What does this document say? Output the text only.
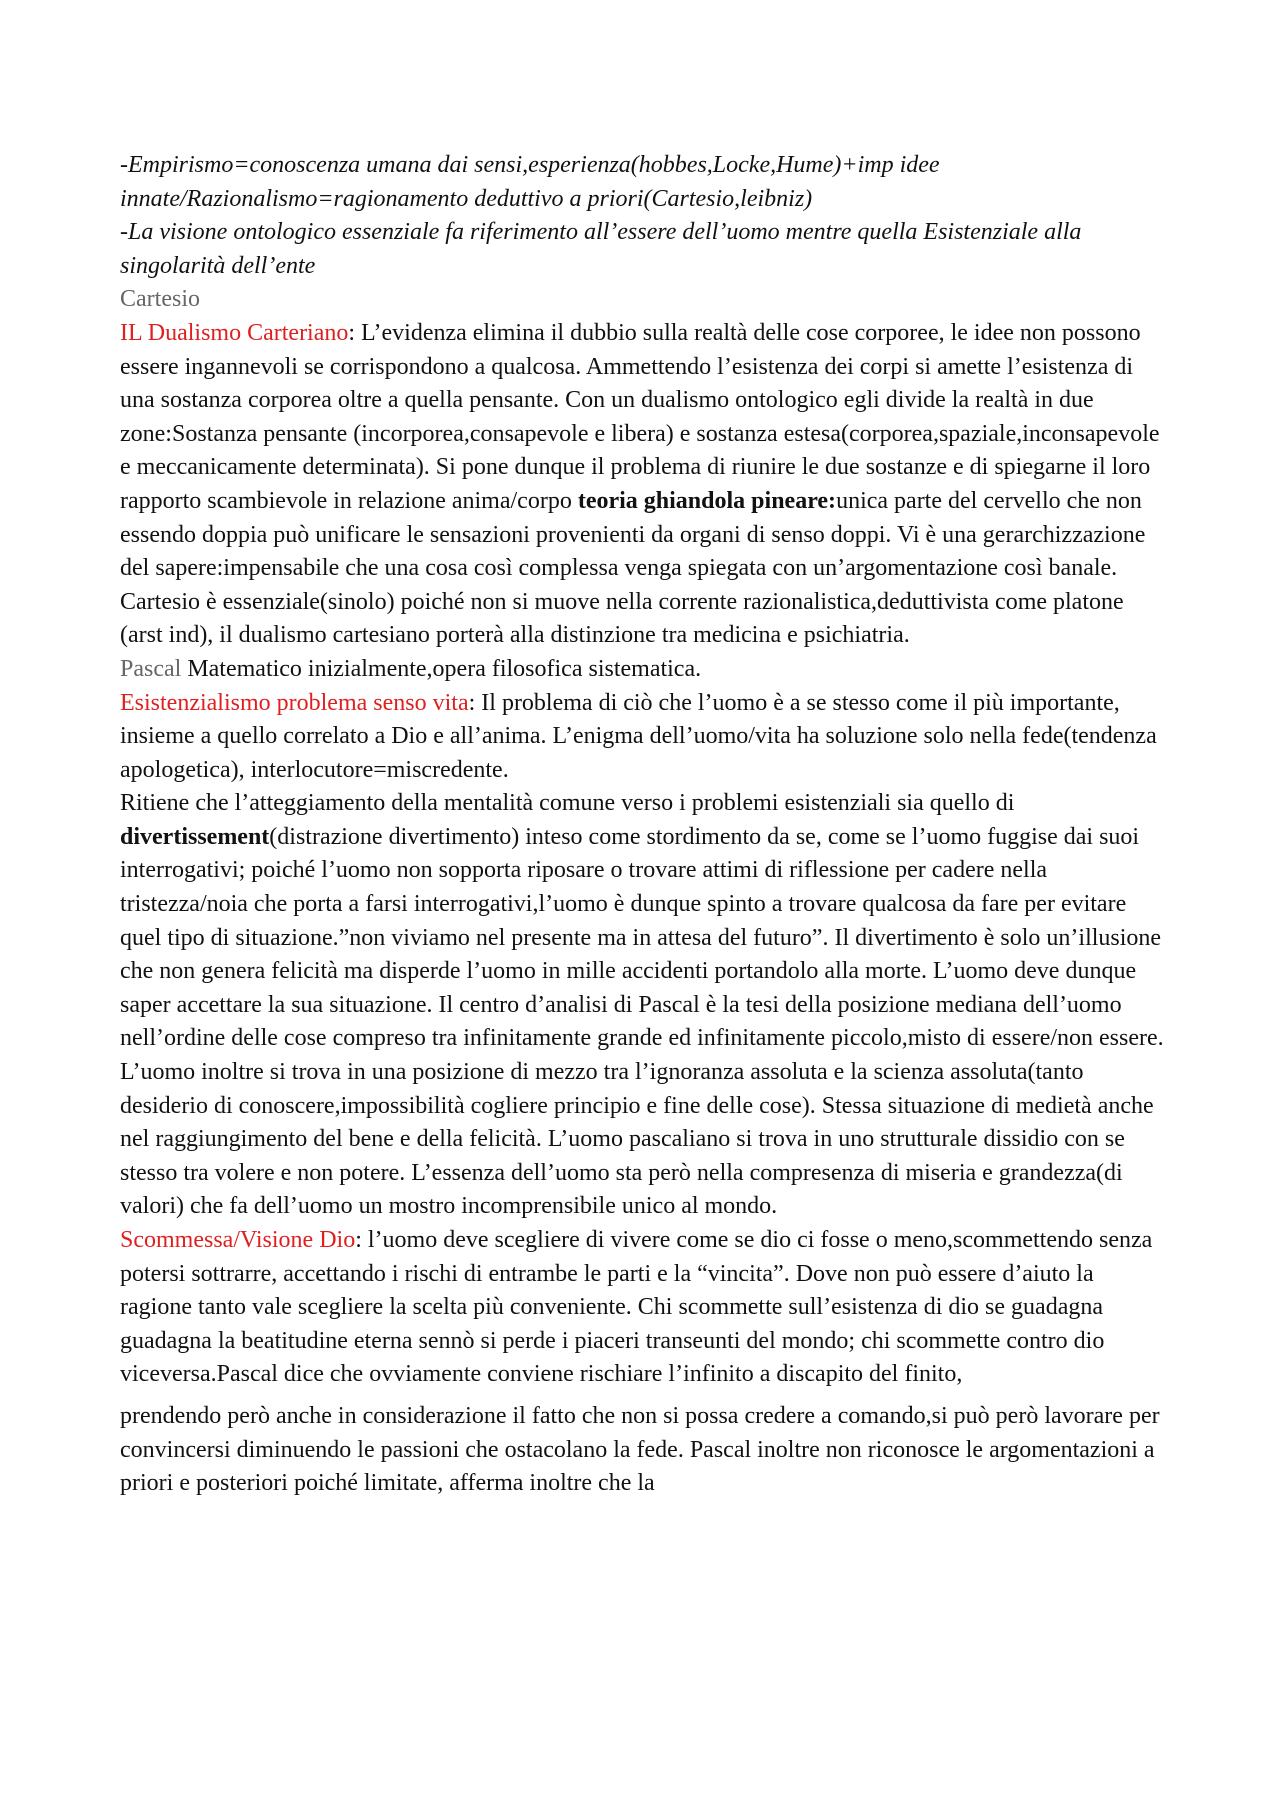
-Empirismo=conoscenza umana dai sensi,esperienza(hobbes,Locke,Hume)+imp idee innate/Razionalismo=ragionamento deduttivo a priori(Cartesio,leibniz)

-La visione ontologico essenziale fa riferimento all’essere dell’uomo mentre quella Esistenziale alla singolarità dell’ente

Cartesio

IL Dualismo Carteriano: L’evidenza elimina il dubbio sulla realtà delle cose corporee, le idee non possono essere ingannevoli se corrispondono a qualcosa. Ammettendo l’esistenza dei corpi si amette l’esistenza di una sostanza corporea oltre a quella pensante. Con un dualismo ontologico egli divide la realtà in due zone:Sostanza pensante (incorporea,consapevole e libera) e sostanza estesa(corporea,spaziale,inconsapevole e meccanicamente determinata). Si pone dunque il problema di riunire le due sostanze e di spiegarne il loro rapporto scambievole in relazione anima/corpo teoria ghiandola pineare:unica parte del cervello che non essendo doppia può unificare le sensazioni provenienti da organi di senso doppi. Vi è una gerarchizzazione del sapere:impensabile che una cosa così complessa venga spiegata con un’argomentazione così banale. Cartesio è essenziale(sinolo) poiché non si muove nella corrente razionalistica,deduttivista come platone (arst ind), il dualismo cartesiano porterà alla distinzione tra medicina e psichiatria.

Pascal Matematico inizialmente,opera filosofica sistematica.

Esistenzialismo problema senso vita: Il problema di ciò che l’uomo è a se stesso come il più importante, insieme a quello correlato a Dio e all’anima. L’enigma dell’uomo/vita ha soluzione solo nella fede(tendenza apologetica), interlocutore=miscredente.

Ritiene che l’atteggiamento della mentalità comune verso i problemi esistenziali sia quello di divertissement(distrazione divertimento) inteso come stordimento da se, come se l’uomo fuggise dai suoi interrogativi; poiché l’uomo non sopporta riposare o trovare attimi di riflessione per cadere nella tristezza/noia che porta a farsi interrogativi,l’uomo è dunque spinto a trovare qualcosa da fare per evitare quel tipo di situazione.”non viviamo nel presente ma in attesa del futuro”. Il divertimento è solo un’illusione che non genera felicità ma disperde l’uomo in mille accidenti portandolo alla morte. L’uomo deve dunque saper accettare la sua situazione. Il centro d’analisi di Pascal è la tesi della posizione mediana dell’uomo nell’ordine delle cose compreso tra infinitamente grande ed infinitamente piccolo,misto di essere/non essere. L’uomo inoltre si trova in una posizione di mezzo tra l’ignoranza assoluta e la scienza assoluta(tanto desiderio di conoscere,impossibilità cogliere principio e fine delle cose). Stessa situazione di medietà anche nel raggiungimento del bene e della felicità. L’uomo pascaliano si trova in uno strutturale dissidio con se stesso tra volere e non potere. L’essenza dell’uomo sta però nella compresenza di miseria e grandezza(di valori) che fa dell’uomo un mostro incomprensibile unico al mondo.

Scommessa/Visione Dio: l’uomo deve scegliere di vivere come se dio ci fosse o meno,scommettendo senza potersi sottrarre, accettando i rischi di entrambe le parti e la “vincita”. Dove non può essere d’aiuto la ragione tanto vale scegliere la scelta più conveniente. Chi scommette sull’esistenza di dio se guadagna guadagna la beatitudine eterna sennò si perde i piaceri transeunti del mondo; chi scommette contro dio viceversa.Pascal dice che ovviamente conviene rischiare l’infinito a discapito del finito,

prendendo però anche in considerazione il fatto che non si possa credere a comando,si può però lavorare per convincersi diminuendo le passioni che ostacolano la fede. Pascal inoltre non riconosce le argomentazioni a priori e posteriori poiché limitate, afferma inoltre che la
